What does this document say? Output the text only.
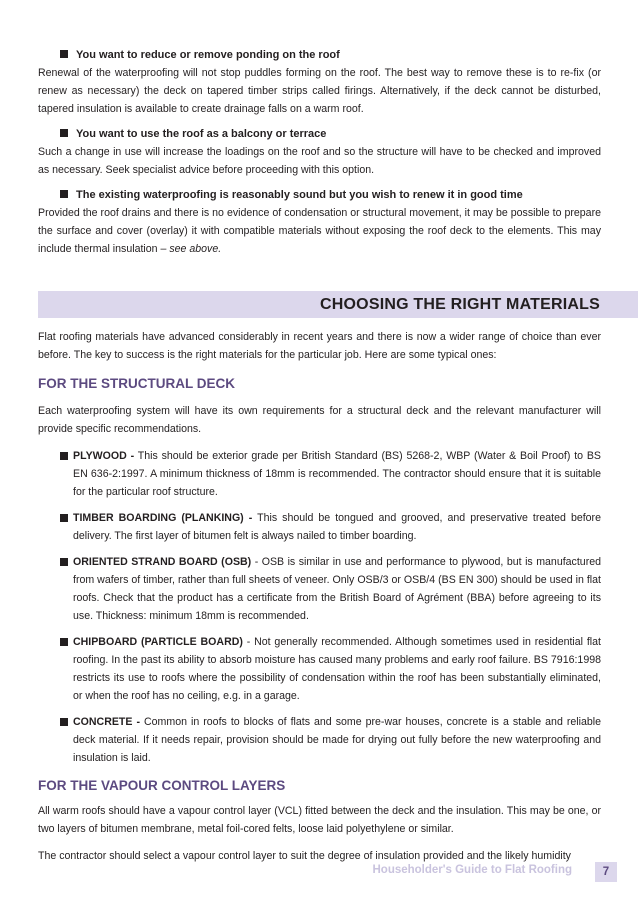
You want to reduce or remove ponding on the roof

Renewal of the waterproofing will not stop puddles forming on the roof. The best way to remove these is to re-fix (or renew as necessary) the deck on tapered timber strips called firings. Alternatively, if the deck cannot be disturbed, tapered insulation is available to create drainage falls on a warm roof.

You want to use the roof as a balcony or terrace

Such a change in use will increase the loadings on the roof and so the structure will have to be checked and improved as necessary. Seek specialist advice before proceeding with this option.

The existing waterproofing is reasonably sound but you wish to renew it in good time

Provided the roof drains and there is no evidence of condensation or structural movement, it may be possible to prepare the surface and cover (overlay) it with compatible materials without exposing the roof deck to the elements. This may include thermal insulation – see above.

CHOOSING THE RIGHT MATERIALS

Flat roofing materials have advanced considerably in recent years and there is now a wider range of choice than ever before. The key to success is the right materials for the particular job. Here are some typical ones:

FOR THE STRUCTURAL DECK

Each waterproofing system will have its own requirements for a structural deck and the relevant manufacturer will provide specific recommendations.

PLYWOOD - This should be exterior grade per British Standard (BS) 5268-2, WBP (Water & Boil Proof) to BS EN 636-2:1997. A minimum thickness of 18mm is recommended. The contractor should ensure that it is suitable for the particular roof structure.

TIMBER BOARDING (PLANKING) - This should be tongued and grooved, and preservative treated before delivery. The first layer of bitumen felt is always nailed to timber boarding.

ORIENTED STRAND BOARD (OSB) - OSB is similar in use and performance to plywood, but is manufactured from wafers of timber, rather than full sheets of veneer. Only OSB/3 or OSB/4 (BS EN 300) should be used in flat roofs. Check that the product has a certificate from the British Board of Agrément (BBA) before agreeing to its use. Thickness: minimum 18mm is recommended.

CHIPBOARD (PARTICLE BOARD) - Not generally recommended. Although sometimes used in residential flat roofing. In the past its ability to absorb moisture has caused many problems and early roof failure. BS 7916:1998 restricts its use to roofs where the possibility of condensation within the roof has been substantially eliminated, or when the roof has no ceiling, e.g. in a garage.

CONCRETE - Common in roofs to blocks of flats and some pre-war houses, concrete is a stable and reliable deck material. If it needs repair, provision should be made for drying out fully before the new waterproofing and insulation is laid.

FOR THE VAPOUR CONTROL LAYERS

All warm roofs should have a vapour control layer (VCL) fitted between the deck and the insulation. This may be one, or two layers of bitumen membrane, metal foil-cored felts, loose laid polyethylene or similar.

The contractor should select a vapour control layer to suit the degree of insulation provided and the likely humidity

Householder's Guide to Flat Roofing	7
